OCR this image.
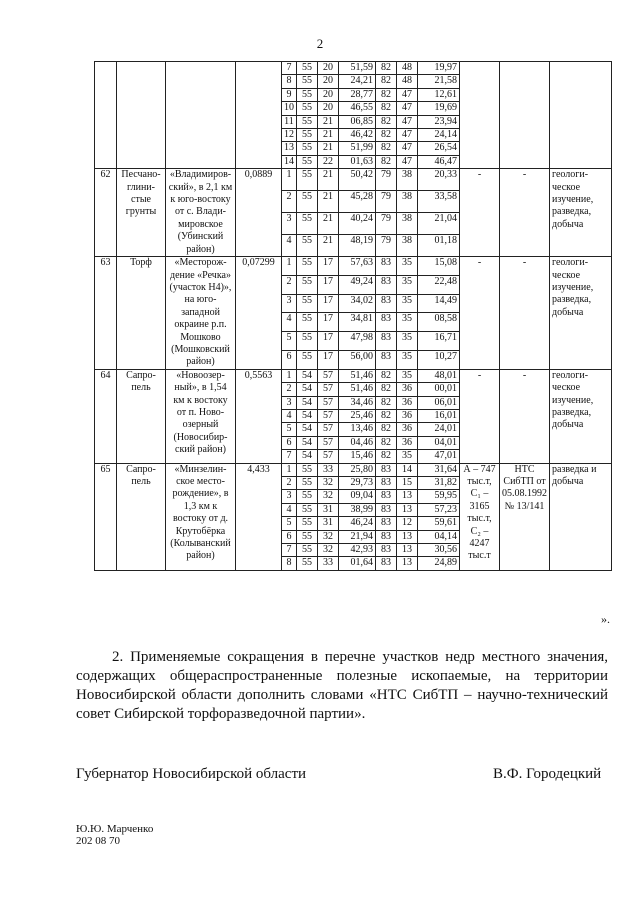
2
				7	55	20	51,59	82	48	19,97			
				8	55	20	24,21	82	48	21,58			
				9	55	20	28,77	82	47	12,61			
				10	55	20	46,55	82	47	19,69			
				11	55	21	06,85	82	47	23,94			
				12	55	21	46,42	82	47	24,14			
				13	55	21	51,99	82	47	26,54			
				14	55	22	01,63	82	47	46,47			
62	Песчано-глини-стые грунты	«Владимиров-ский», в 2,1 км к юго-востоку от с. Влади-мировское (Убинский район)	0,0889	1	55	21	50,42	79	38	20,33	-	-	геологи-ческое изучение, разведка, добыча
				2	55	21	45,28	79	38	33,58			
				3	55	21	40,24	79	38	21,04			
				4	55	21	48,19	79	38	01,18			
63	Торф	«Месторож-дение «Речка» (участок Н4)», на юго-западной окраине р.п. Мошково (Мошковский район)	0,07299	1	55	17	57,63	83	35	15,08	-	-	геологи-ческое изучение, разведка, добыча
				2	55	17	49,24	83	35	22,48			
				3	55	17	34,02	83	35	14,49			
				4	55	17	34,81	83	35	08,58			
				5	55	17	47,98	83	35	16,71			
				6	55	17	56,00	83	35	10,27			
64	Сапро-пель	«Новоозер-ный», в 1,54 км к востоку от п. Ново-озерный (Новосибир-ский район)	0,5563	1	54	57	51,46	82	35	48,01	-	-	геологи-ческое изучение, разведка, добыча
				2	54	57	51,46	82	36	00,01			
				3	54	57	34,46	82	36	06,01			
				4	54	57	25,46	82	36	16,01			
				5	54	57	13,46	82	36	24,01			
				6	54	57	04,46	82	36	04,01			
				7	54	57	15,46	82	35	47,01			
65	Сапро-пель	«Минзелин-ское место-рождение», в 1,3 км к востоку от д. Крутобёрка (Колыванский район)	4,433	1	55	33	25,80	83	14	31,64	А – 747 тыс.т, С₁ – 3165 тыс.т, С₂ – 4247 тыс.т	НТС СибТП от 05.08.1992 № 13/141	разведка и добыча
				2	55	32	29,73	83	15	31,82			
				3	55	32	09,04	83	13	59,95			
				4	55	31	38,99	83	13	57,23			
				5	55	31	46,24	83	12	59,61			
				6	55	32	21,94	83	13	04,14			
				7	55	32	42,93	83	13	30,56			
				8	55	33	01,64	83	13	24,89			
».

2. Применяемые сокращения в перечне участков недр местного значения, содержащих общераспространенные полезные ископаемые, на территории Новосибирской области дополнить словами «НТС СибТП – научно-технический совет Сибирской торфоразведочной партии».

Губернатор Новосибирской области	В.Ф. Городецкий
Ю.Ю. Марченко
202 08 70
